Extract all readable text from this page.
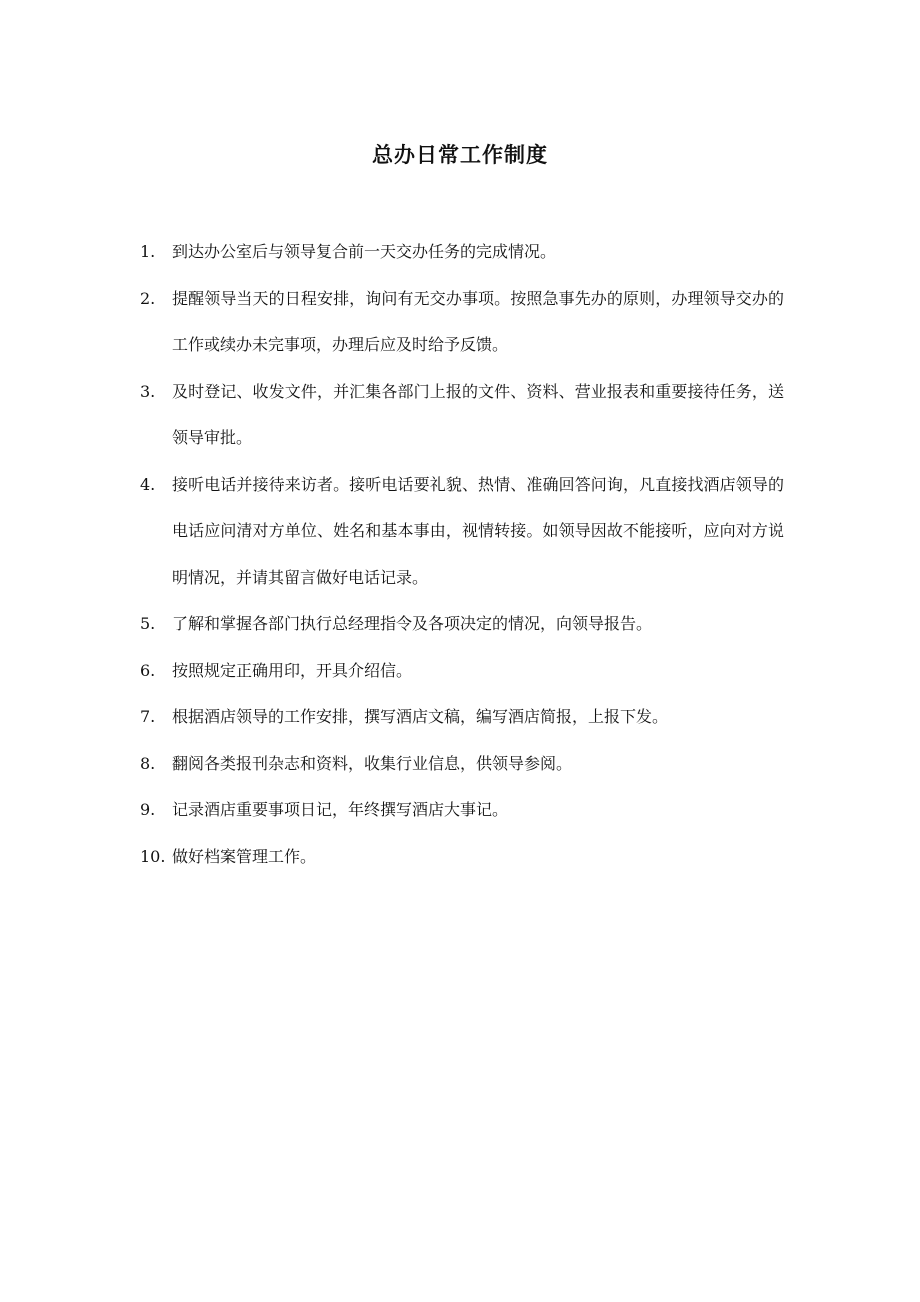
总办日常工作制度
1.	到达办公室后与领导复合前一天交办任务的完成情况。
2.	提醒领导当天的日程安排，询问有无交办事项。按照急事先办的原则，办理领导交办的工作或续办未完事项，办理后应及时给予反馈。
3.	及时登记、收发文件，并汇集各部门上报的文件、资料、营业报表和重要接待任务，送领导审批。
4.	接听电话并接待来访者。接听电话要礼貌、热情、准确回答问询，凡直接找酒店领导的电话应问清对方单位、姓名和基本事由，视情转接。如领导因故不能接听，应向对方说明情况，并请其留言做好电话记录。
5.	了解和掌握各部门执行总经理指令及各项决定的情况，向领导报告。
6.	按照规定正确用印，开具介绍信。
7.	根据酒店领导的工作安排，撰写酒店文稿，编写酒店简报，上报下发。
8.	翻阅各类报刊杂志和资料，收集行业信息，供领导参阅。
9.	记录酒店重要事项日记，年终撰写酒店大事记。
10. 做好档案管理工作。
